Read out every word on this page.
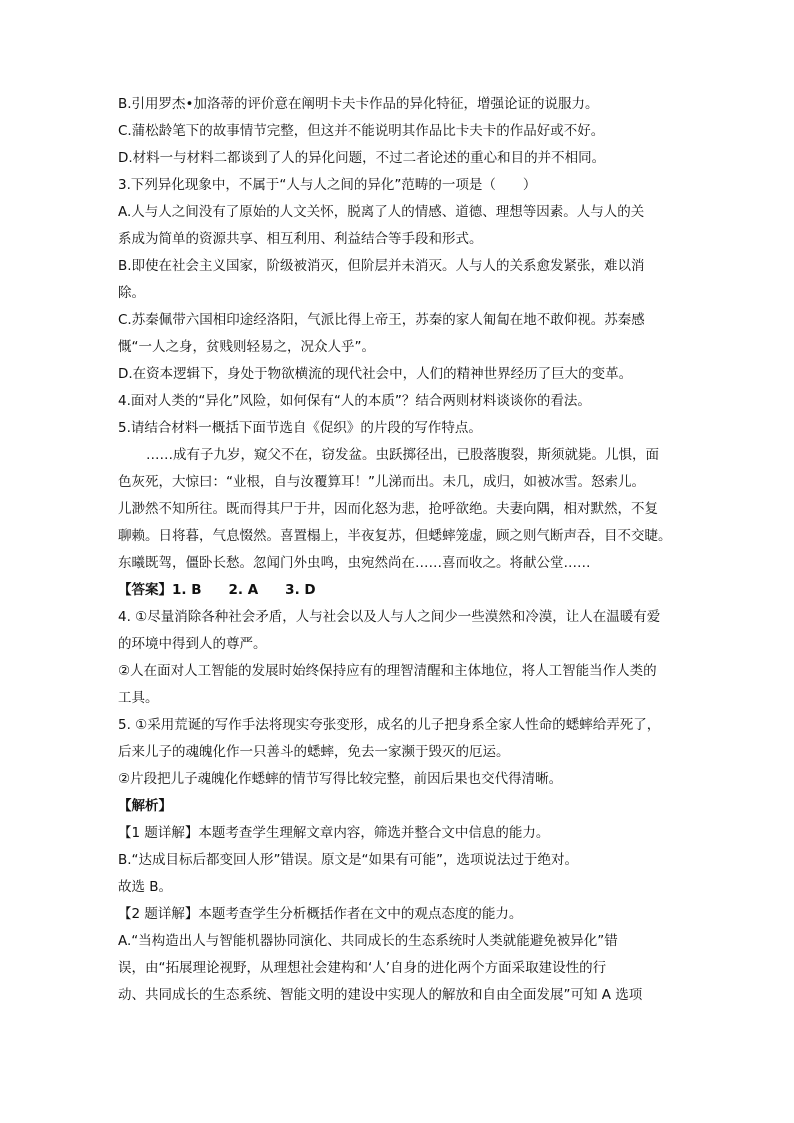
B.引用罗杰•加洛蒂的评价意在阐明卡夫卡作品的异化特征，增强论证的说服力。
C.蒲松龄笔下的故事情节完整，但这并不能说明其作品比卡夫卡的作品好或不好。
D.材料一与材料二都谈到了人的异化问题，不过二者论述的重心和目的并不相同。
3.下列异化现象中，不属于“人与人之间的异化”范畴的一项是（　　）
A.人与人之间没有了原始的人文关怀，脱离了人的情感、道德、理想等因素。人与人的关
系成为简单的资源共享、相互利用、利益结合等手段和形式。
B.即使在社会主义国家，阶级被消灭，但阶层并未消灭。人与人的关系愈发紧张，难以消
除。
C.苏秦佩带六国相印途经洛阳，气派比得上帝王，苏秦的家人匍匐在地不敢仰视。苏秦感
慨“一人之身，贫贱则轻易之，况众人乎”。
D.在资本逻辑下，身处于物欲横流的现代社会中，人们的精神世界经历了巨大的变革。
4.面对人类的“异化”风险，如何保有“人的本质”？结合两则材料谈谈你的看法。
5.请结合材料一概括下面节选自《促织》的片段的写作特点。
……成有子九岁，窥父不在，窃发盆。虫跃掷径出，已股落腹裂，斯须就毙。儿惧，面
色灰死，大惊曰：“业根，自与汝覆算耳！”儿涕而出。未几，成归，如被冰雪。怒索儿。
儿渺然不知所往。既而得其尸于井，因而化怒为悲，抢呼欲绝。夫妻向隅，相对默然，不复
聊赖。日将暮，气息惙然。喜置榻上，半夜复苏，但蟋蟀笼虚，顾之则气断声吞，目不交睫。
东曦既驾，僵卧长愁。忽闻门外虫鸣，虫宛然尚在……喜而收之。将献公堂……
【答案】1. B　　2. A　　3. D
4. ①尽量消除各种社会矛盾，人与社会以及人与人之间少一些漠然和冷漠，让人在温暖有爱
的环境中得到人的尊严。
②人在面对人工智能的发展时始终保持应有的理智清醒和主体地位，将人工智能当作人类的
工具。
5. ①采用荒诞的写作手法将现实夸张变形，成名的儿子把身系全家人性命的蟋蟀给弄死了，
后来儿子的魂魄化作一只善斗的蟋蟀，免去一家濒于毁灭的厄运。
②片段把儿子魂魄化作蟋蟀的情节写得比较完整，前因后果也交代得清晰。
【解析】
【1 题详解】本题考查学生理解文章内容，筛选并整合文中信息的能力。
B.“达成目标后都变回人形”错误。原文是“如果有可能”，选项说法过于绝对。
故选 B。
【2 题详解】本题考查学生分析概括作者在文中的观点态度的能力。
A.“当构造出人与智能机器协同演化、共同成长的生态系统时人类就能避免被异化”错
误，由“拓展理论视野，从理想社会建构和‘人’自身的进化两个方面采取建设性的行
动、共同成长的生态系统、智能文明的建设中实现人的解放和自由全面发展”可知 A 选项
